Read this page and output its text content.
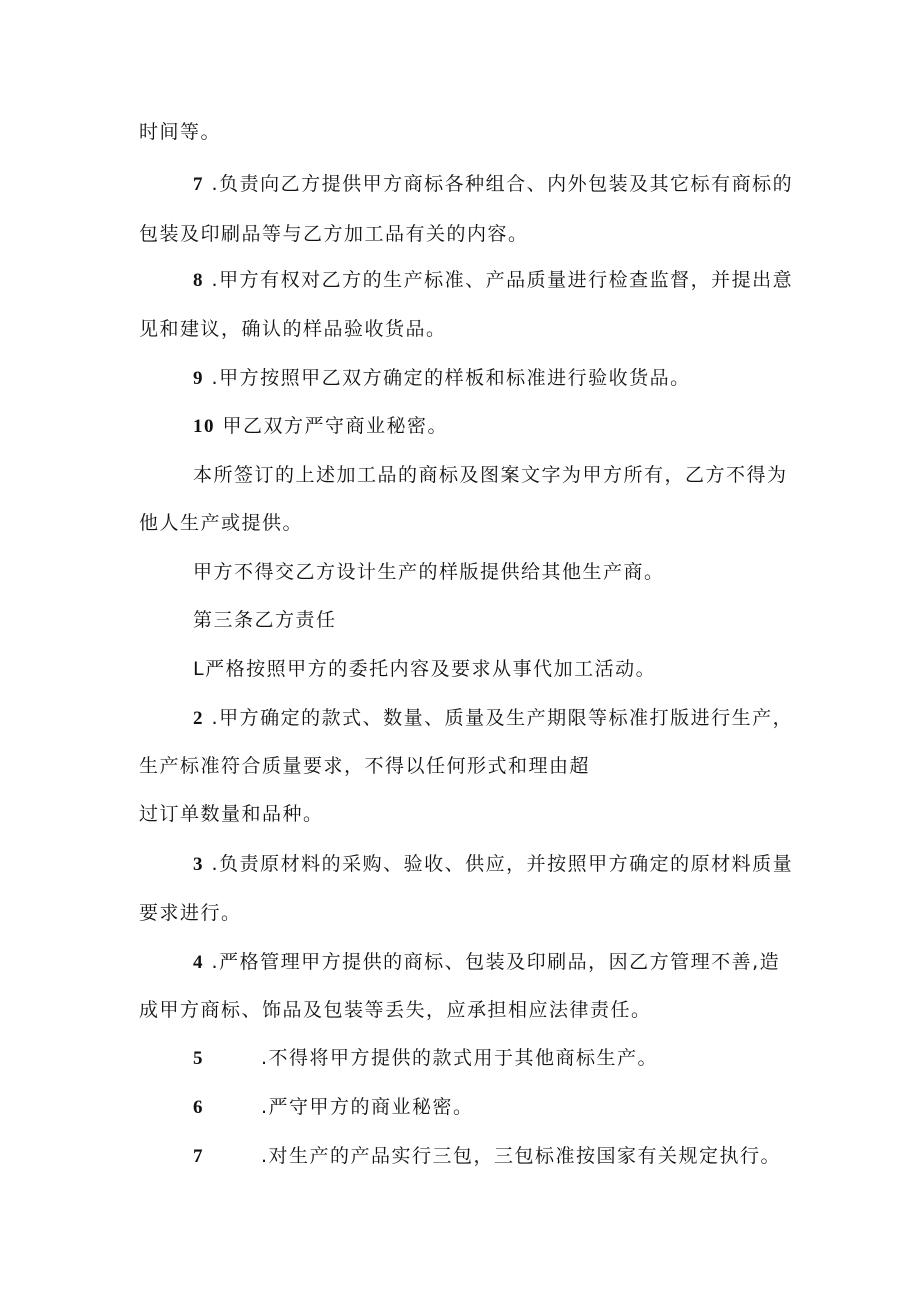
时间等。
7 .负责向乙方提供甲方商标各种组合、内外包装及其它标有商标的
包装及印刷品等与乙方加工品有关的内容。
8 .甲方有权对乙方的生产标准、产品质量进行检查监督，并提出意
见和建议，确认的样品验收货品。
9 .甲方按照甲乙双方确定的样板和标准进行验收货品。
10 甲乙双方严守商业秘密。
本所签订的上述加工品的商标及图案文字为甲方所有，乙方不得为
他人生产或提供。
甲方不得交乙方设计生产的样版提供给其他生产商。
第三条乙方责任
L严格按照甲方的委托内容及要求从事代加工活动。
2 .甲方确定的款式、数量、质量及生产期限等标准打版进行生产，
生产标准符合质量要求，不得以任何形式和理由超
过订单数量和品种。
3 .负责原材料的采购、验收、供应，并按照甲方确定的原材料质量
要求进行。
4 .严格管理甲方提供的商标、包装及印刷品，因乙方管理不善,造
成甲方商标、饰品及包装等丢失，应承担相应法律责任。
5	.不得将甲方提供的款式用于其他商标生产。
6	.严守甲方的商业秘密。
7	.对生产的产品实行三包，三包标准按国家有关规定执行。
